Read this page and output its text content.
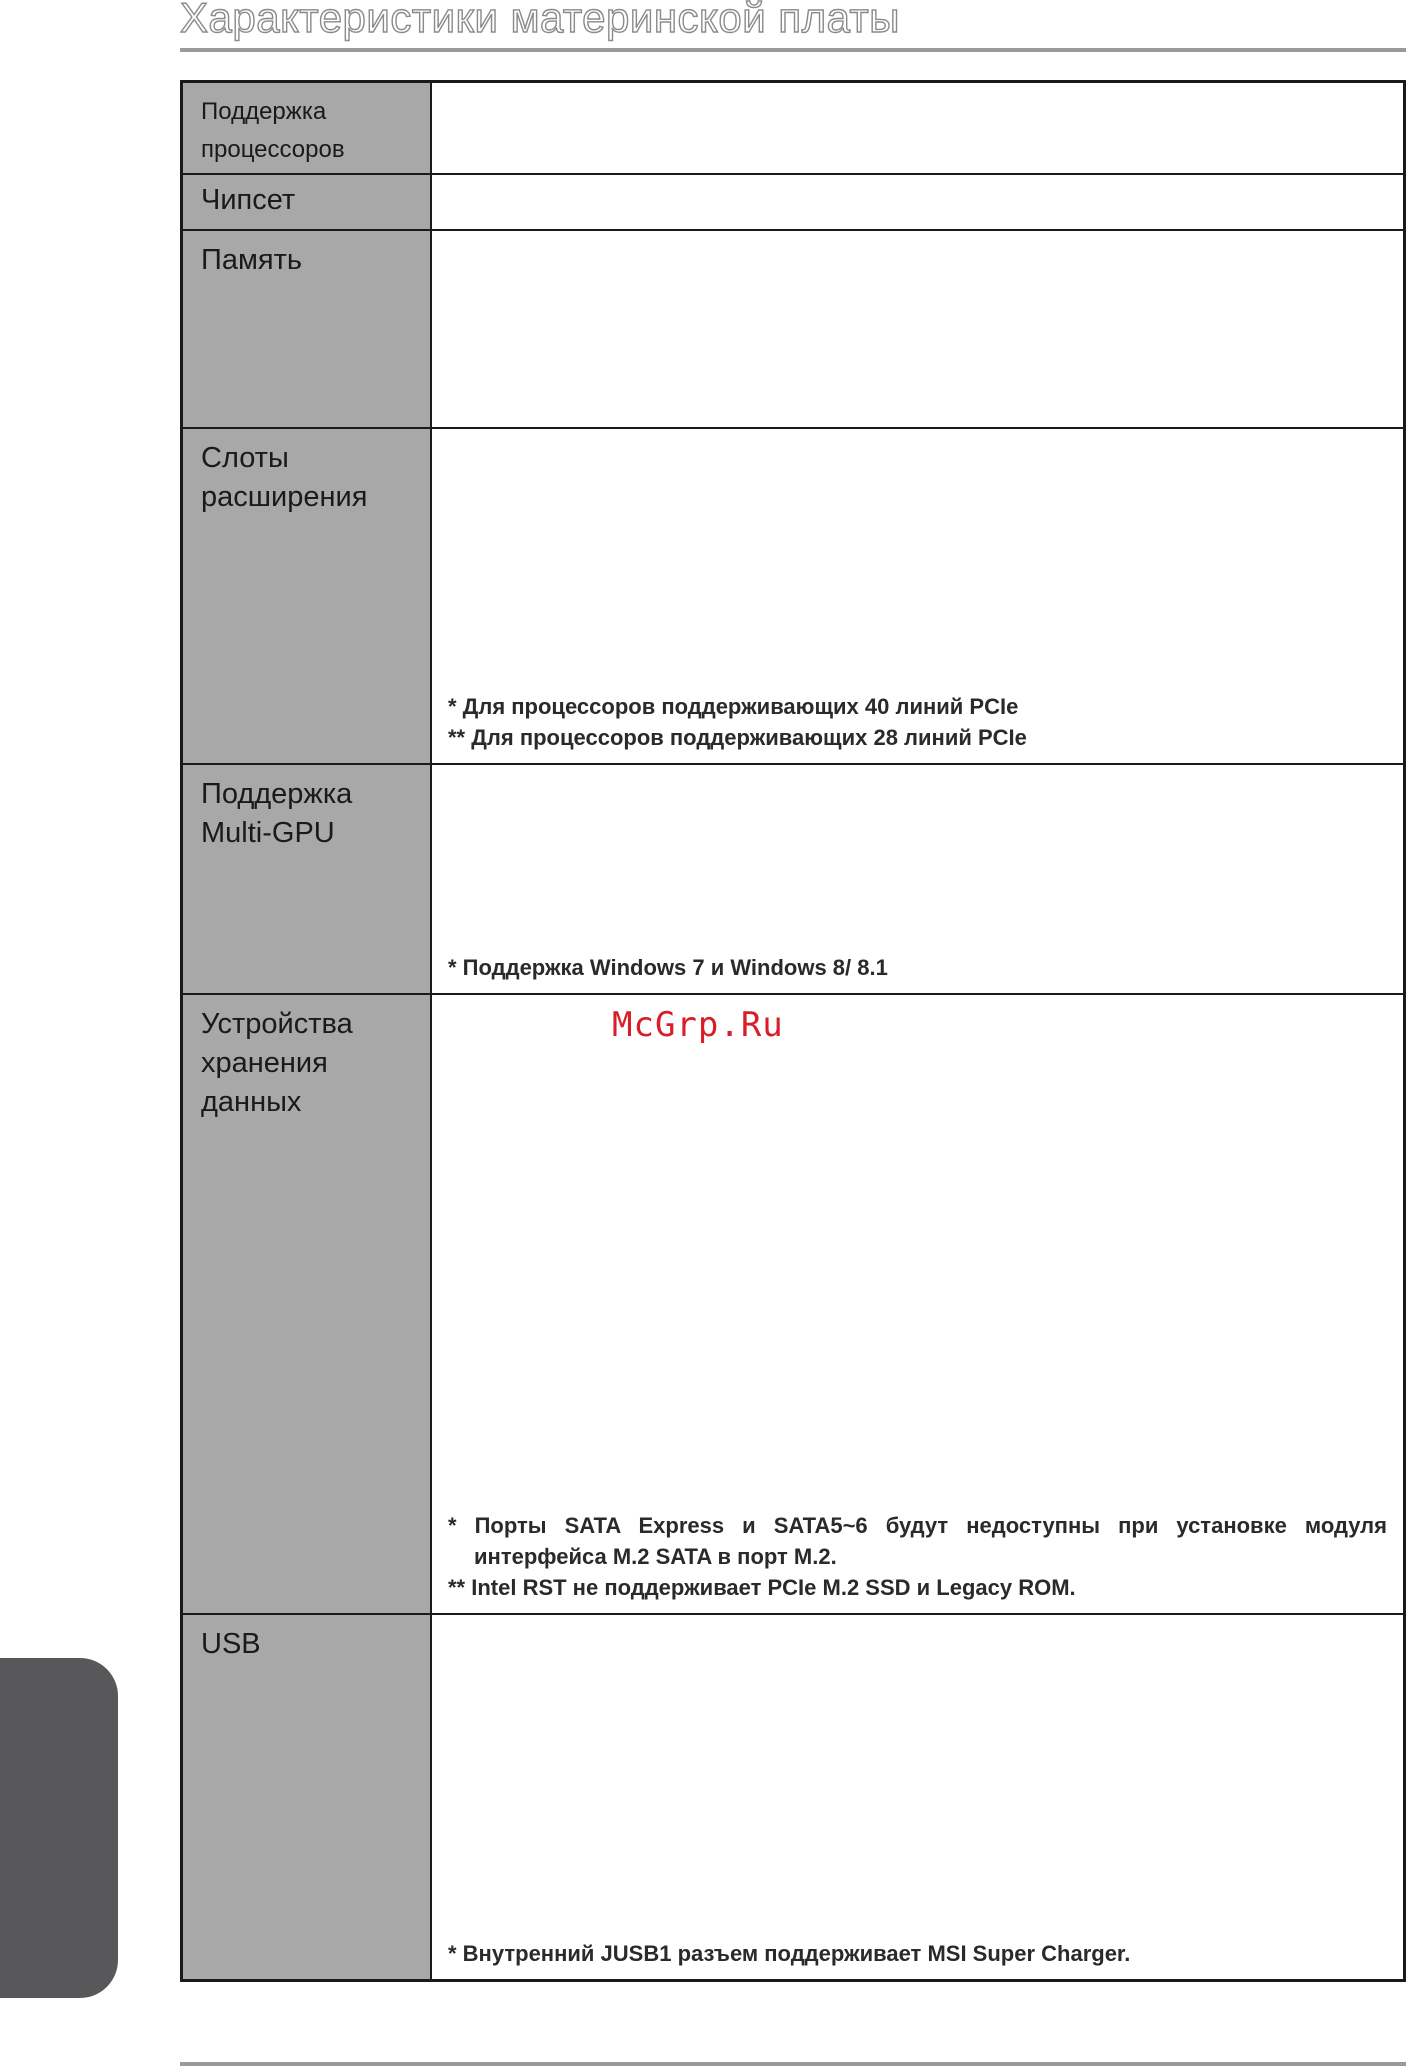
Характеристики материнской платы
Поддержка процессоров
Чипсет
Память
Слоты расширения
* Для процессоров поддерживающих 40 линий PCIe
** Для процессоров поддерживающих 28 линий PCIe
Поддержка Multi-GPU
* Поддержка Windows 7 и Windows 8/ 8.1
Устройства хранения данных
McGrp.Ru
* Порты SATA Express и SATA5~6 будут недоступны при установке модуля интерфейса M.2 SATA в порт M.2.
** Intel RST не поддерживает PCIe M.2 SSD и Legacy ROM.
USB
* Внутренний JUSB1 разъем поддерживает MSI Super Charger.
